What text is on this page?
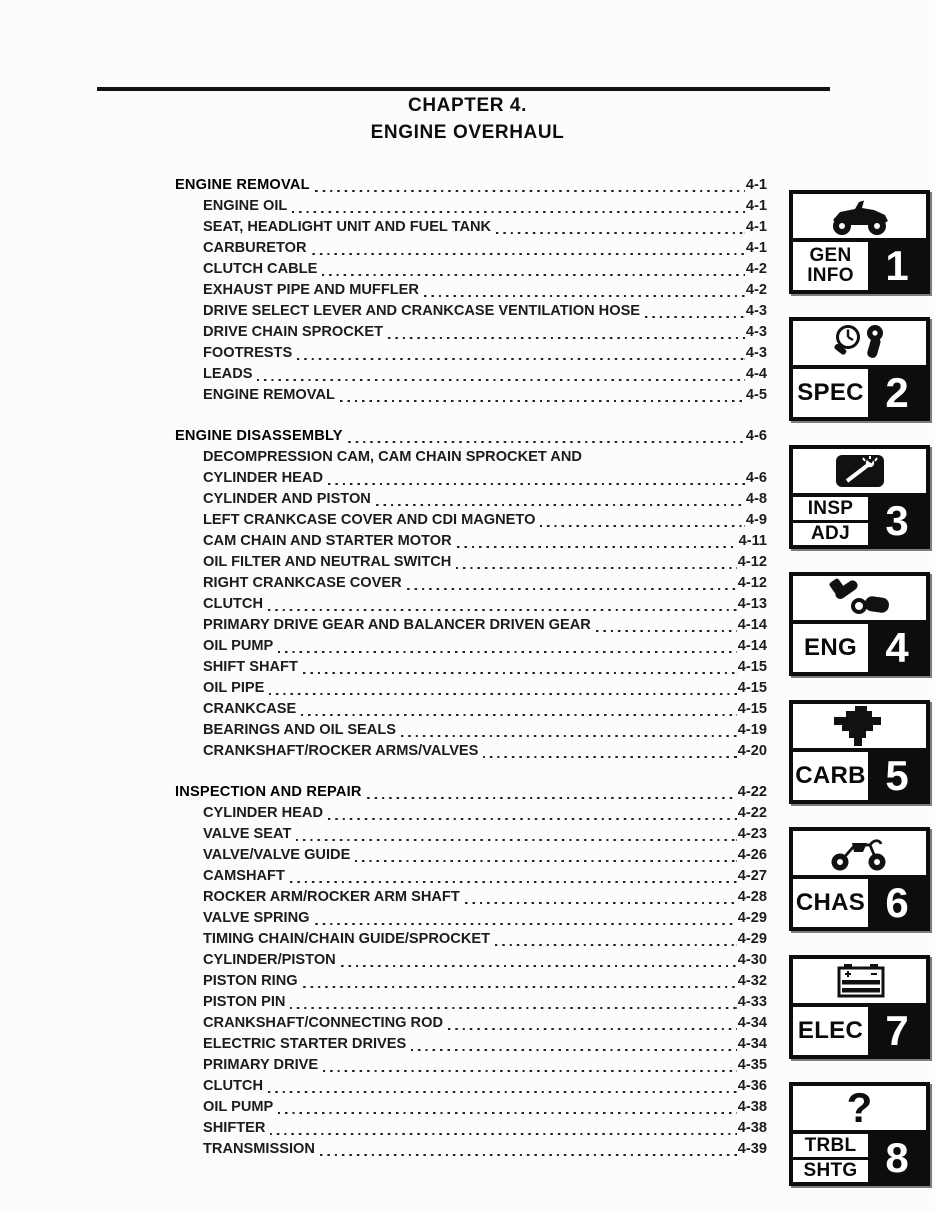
CHAPTER 4.
ENGINE OVERHAUL
ENGINE REMOVAL	4-1
ENGINE OIL	4-1
SEAT, HEADLIGHT UNIT AND FUEL TANK	4-1
CARBURETOR	4-1
CLUTCH CABLE	4-2
EXHAUST PIPE AND MUFFLER	4-2
DRIVE SELECT LEVER AND CRANKCASE VENTILATION HOSE	4-3
DRIVE CHAIN SPROCKET	4-3
FOOTRESTS	4-3
LEADS	4-4
ENGINE REMOVAL	4-5
ENGINE DISASSEMBLY	4-6
DECOMPRESSION CAM, CAM CHAIN SPROCKET AND
CYLINDER HEAD	4-6
CYLINDER AND PISTON	4-8
LEFT CRANKCASE COVER AND CDI MAGNETO	4-9
CAM CHAIN AND STARTER MOTOR	4-11
OIL FILTER AND NEUTRAL SWITCH	4-12
RIGHT CRANKCASE COVER	4-12
CLUTCH	4-13
PRIMARY DRIVE GEAR AND BALANCER DRIVEN GEAR	4-14
OIL PUMP	4-14
SHIFT SHAFT	4-15
OIL PIPE	4-15
CRANKCASE	4-15
BEARINGS AND OIL SEALS	4-19
CRANKSHAFT/ROCKER ARMS/VALVES	4-20
INSPECTION AND REPAIR	4-22
CYLINDER HEAD	4-22
VALVE SEAT	4-23
VALVE/VALVE GUIDE	4-26
CAMSHAFT	4-27
ROCKER ARM/ROCKER ARM SHAFT	4-28
VALVE SPRING	4-29
TIMING CHAIN/CHAIN GUIDE/SPROCKET	4-29
CYLINDER/PISTON	4-30
PISTON RING	4-32
PISTON PIN	4-33
CRANKSHAFT/CONNECTING ROD	4-34
ELECTRIC STARTER DRIVES	4-34
PRIMARY DRIVE	4-35
CLUTCH	4-36
OIL PUMP	4-38
SHIFTER	4-38
TRANSMISSION	4-39
GEN
INFO 1
SPEC 2
INSP
ADJ 3
ENG 4
CARB 5
CHAS 6
ELEC 7
?
TRBL
SHTG 8
